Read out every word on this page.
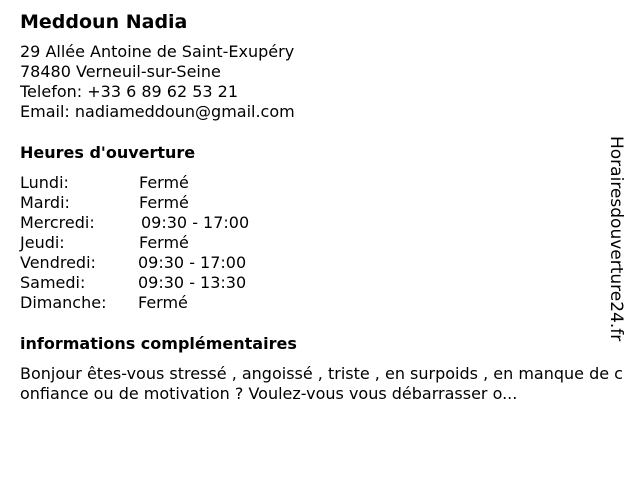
Meddoun Nadia
29 Allée Antoine de Saint-Exupéry
78480 Verneuil-sur-Seine
Telefon: +33 6 89 62 53 21
Email: nadiameddoun@gmail.com
Heures d'ouverture
Lundi:	Fermé
Mardi:	Fermé
Mercredi:	09:30 - 17:00
Jeudi:	Fermé
Vendredi:	09:30 - 17:00
Samedi:	09:30 - 13:30
Dimanche: Fermé
informations complémentaires
Bonjour êtes-vous stressé , angoissé , triste , en surpoids , en manque de confiance ou de motivation ? Voulez-vous vous débarrasser o...
Horairesdouverture24.fr
